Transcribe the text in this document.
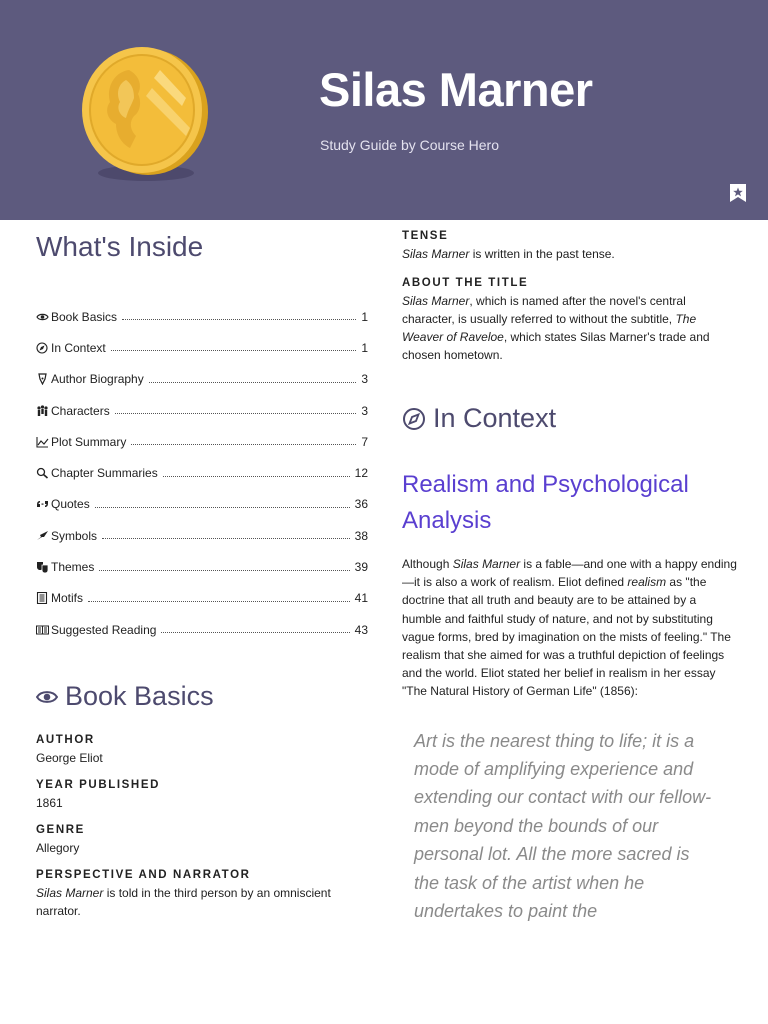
Silas Marner

Study Guide by Course Hero

What's Inside
Book Basics	1
In Context	1
Author Biography	3
Characters	3
Plot Summary	7
Chapter Summaries	12
Quotes	36
Symbols	38
Themes	39
Motifs	41
Suggested Reading	43
Book Basics

AUTHOR

George Eliot

YEAR PUBLISHED

1861

GENRE

Allegory

PERSPECTIVE AND NARRATOR

Silas Marner is told in the third person by an omniscient narrator.

TENSE

Silas Marner is written in the past tense.

ABOUT THE TITLE

Silas Marner, which is named after the novel's central character, is usually referred to without the subtitle, The Weaver of Raveloe, which states Silas Marner's trade and chosen hometown.

In Context
Realism and Psychological Analysis

Although Silas Marner is a fable—and one with a happy ending—it is also a work of realism. Eliot defined realism as "the doctrine that all truth and beauty are to be attained by a humble and faithful study of nature, and not by substituting vague forms, bred by imagination on the mists of feeling." The realism that she aimed for was a truthful depiction of feelings and the world. Eliot stated her belief in realism in her essay "The Natural History of German Life" (1856):

Art is the nearest thing to life; it is a mode of amplifying experience and extending our contact with our fellow-men beyond the bounds of our personal lot. All the more sacred is the task of the artist when he undertakes to paint the
